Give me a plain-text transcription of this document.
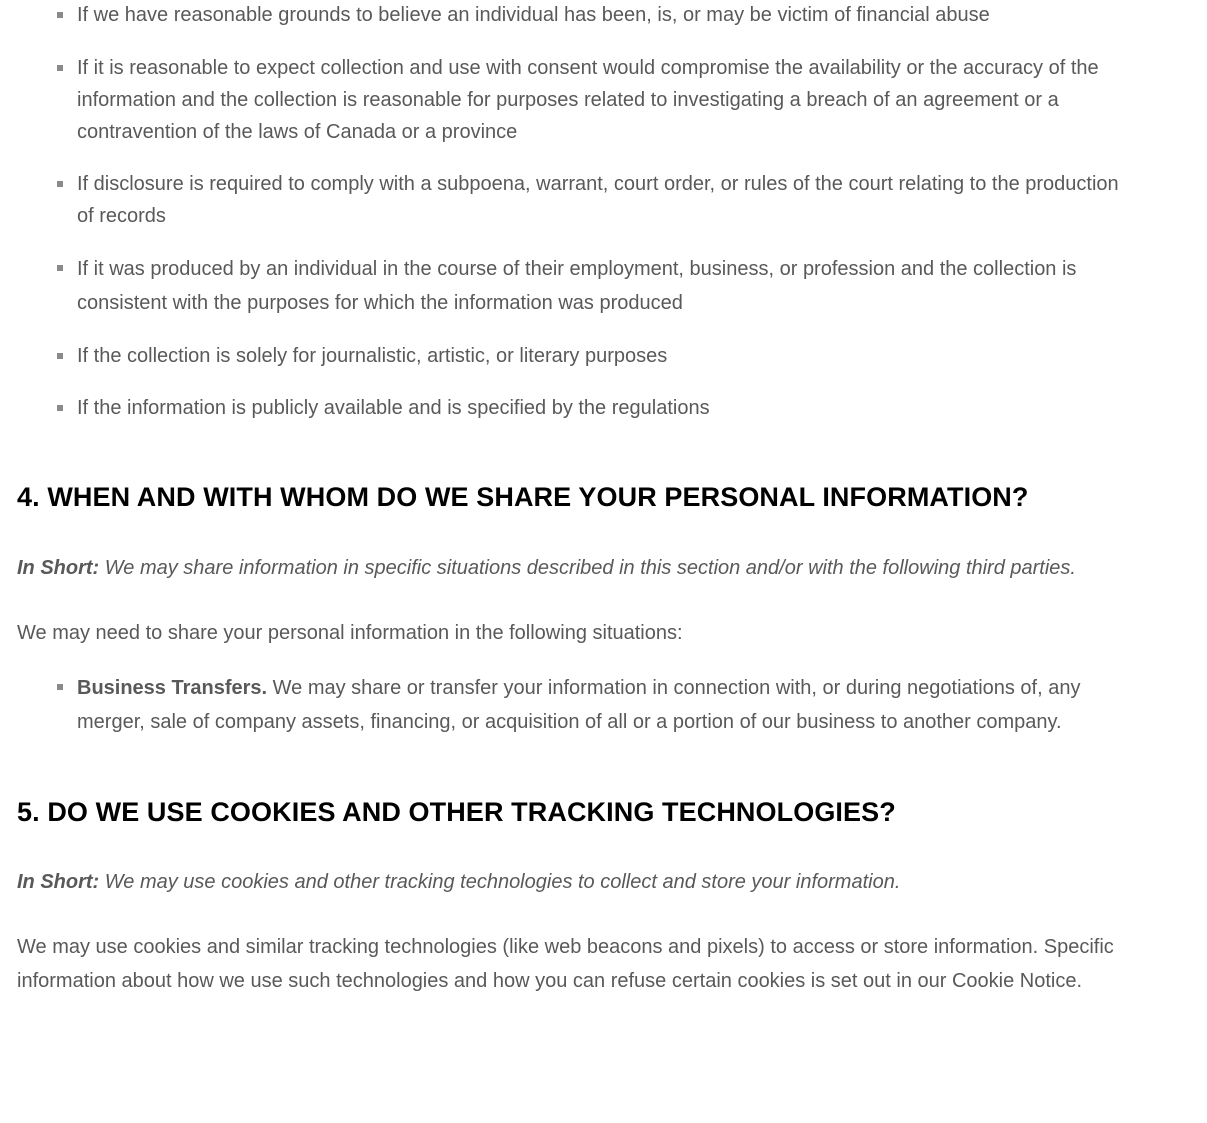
If we have reasonable grounds to believe an individual has been, is, or may be victim of financial abuse
If it is reasonable to expect collection and use with consent would compromise the availability or the accuracy of the information and the collection is reasonable for purposes related to investigating a breach of an agreement or a contravention of the laws of Canada or a province
If disclosure is required to comply with a subpoena, warrant, court order, or rules of the court relating to the production of records
If it was produced by an individual in the course of their employment, business, or profession and the collection is consistent with the purposes for which the information was produced
If the collection is solely for journalistic, artistic, or literary purposes
If the information is publicly available and is specified by the regulations
4. WHEN AND WITH WHOM DO WE SHARE YOUR PERSONAL INFORMATION?

In Short: We may share information in specific situations described in this section and/or with the following third parties.

We may need to share your personal information in the following situations:

Business Transfers. We may share or transfer your information in connection with, or during negotiations of, any merger, sale of company assets, financing, or acquisition of all or a portion of our business to another company.
5. DO WE USE COOKIES AND OTHER TRACKING TECHNOLOGIES?

In Short: We may use cookies and other tracking technologies to collect and store your information.

We may use cookies and similar tracking technologies (like web beacons and pixels) to access or store information. Specific information about how we use such technologies and how you can refuse certain cookies is set out in our Cookie Notice.
